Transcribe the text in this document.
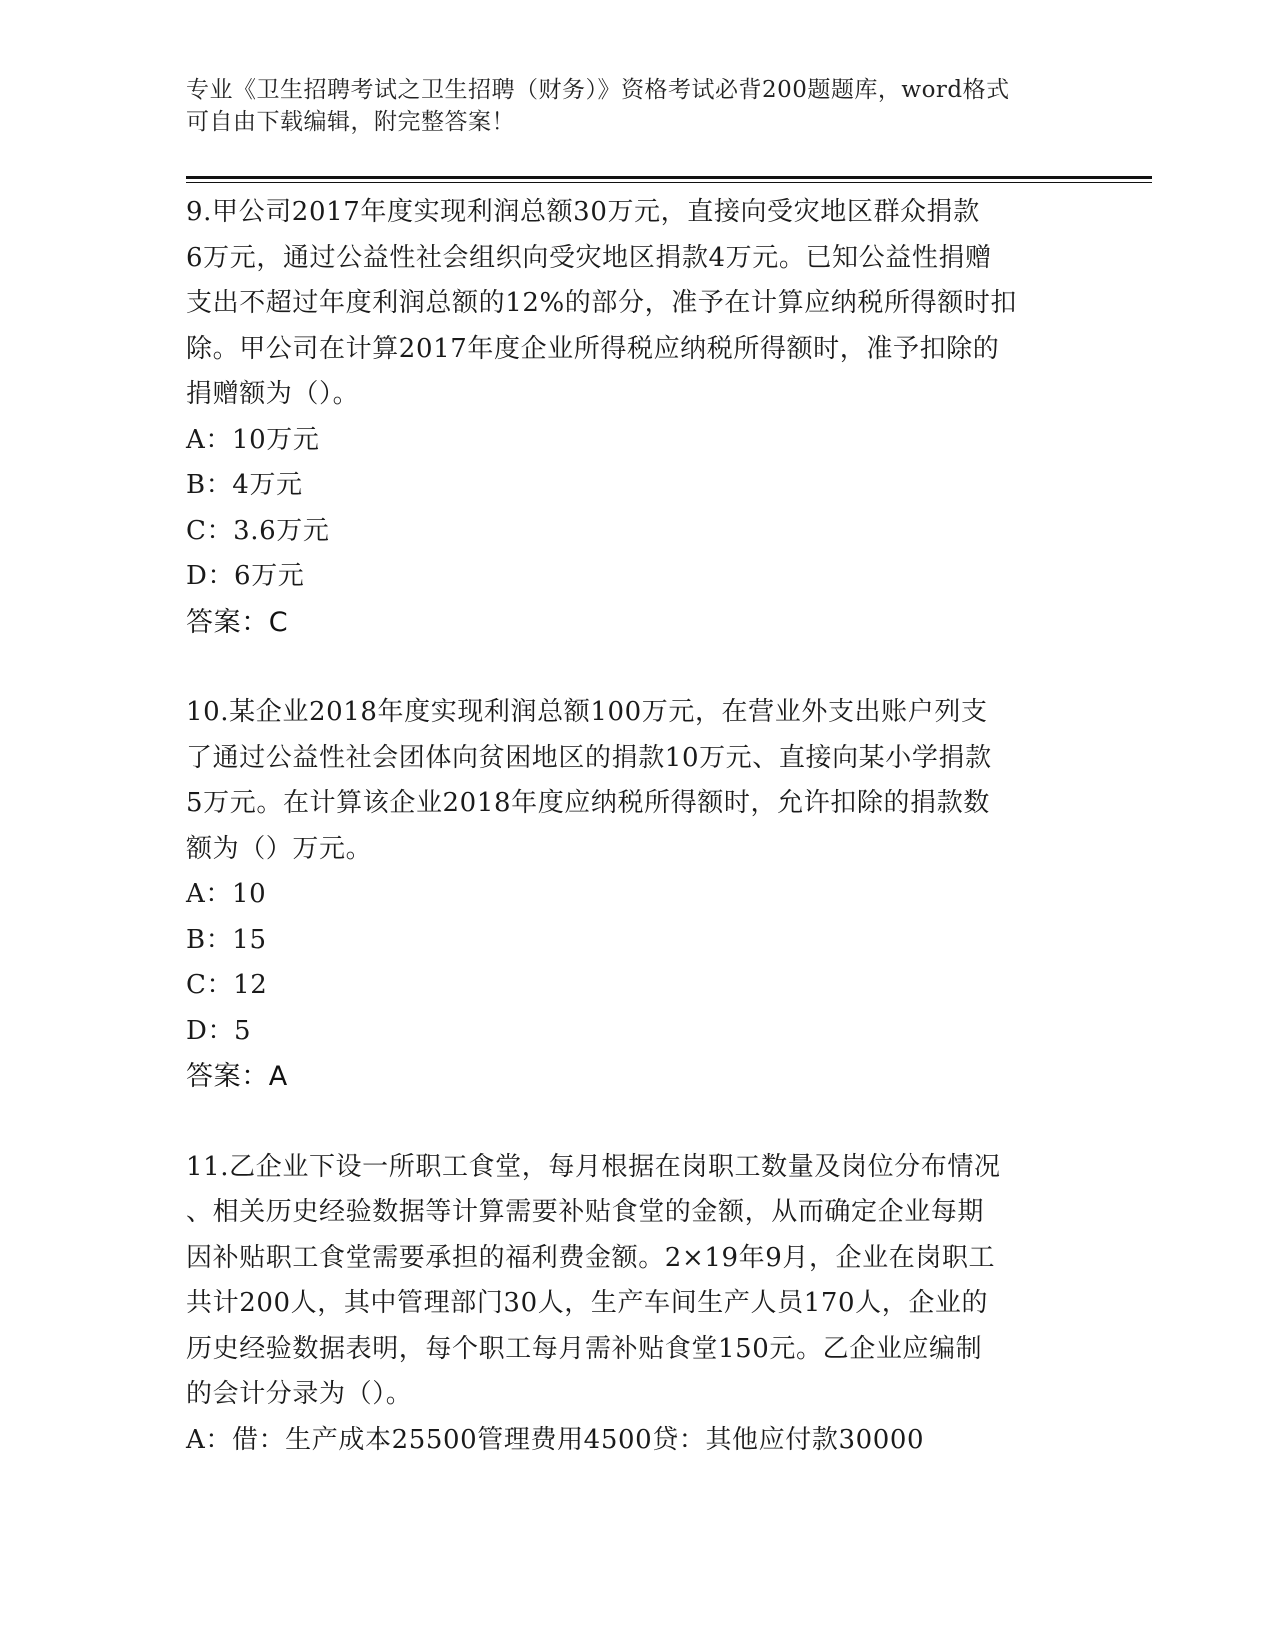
专业《卫生招聘考试之卫生招聘（财务）》资格考试必背200题题库，word格式
可自由下载编辑，附完整答案！
9.甲公司2017年度实现利润总额30万元，直接向受灾地区群众捐款
6万元，通过公益性社会组织向受灾地区捐款4万元。已知公益性捐赠
支出不超过年度利润总额的12%的部分，准予在计算应纳税所得额时扣
除。甲公司在计算2017年度企业所得税应纳税所得额时，准予扣除的
捐赠额为（）。
A：10万元
B：4万元
C：3.6万元
D：6万元
答案：C
10.某企业2018年度实现利润总额100万元，在营业外支出账户列支
了通过公益性社会团体向贫困地区的捐款10万元、直接向某小学捐款
5万元。在计算该企业2018年度应纳税所得额时，允许扣除的捐款数
额为（）万元。
A：10
B：15
C：12
D：5
答案：A
11.乙企业下设一所职工食堂，每月根据在岗职工数量及岗位分布情况
、相关历史经验数据等计算需要补贴食堂的金额，从而确定企业每期
因补贴职工食堂需要承担的福利费金额。2×19年9月，企业在岗职工
共计200人，其中管理部门30人，生产车间生产人员170人，企业的
历史经验数据表明，每个职工每月需补贴食堂150元。乙企业应编制
的会计分录为（）。
A：借：生产成本25500管理费用4500贷：其他应付款30000
